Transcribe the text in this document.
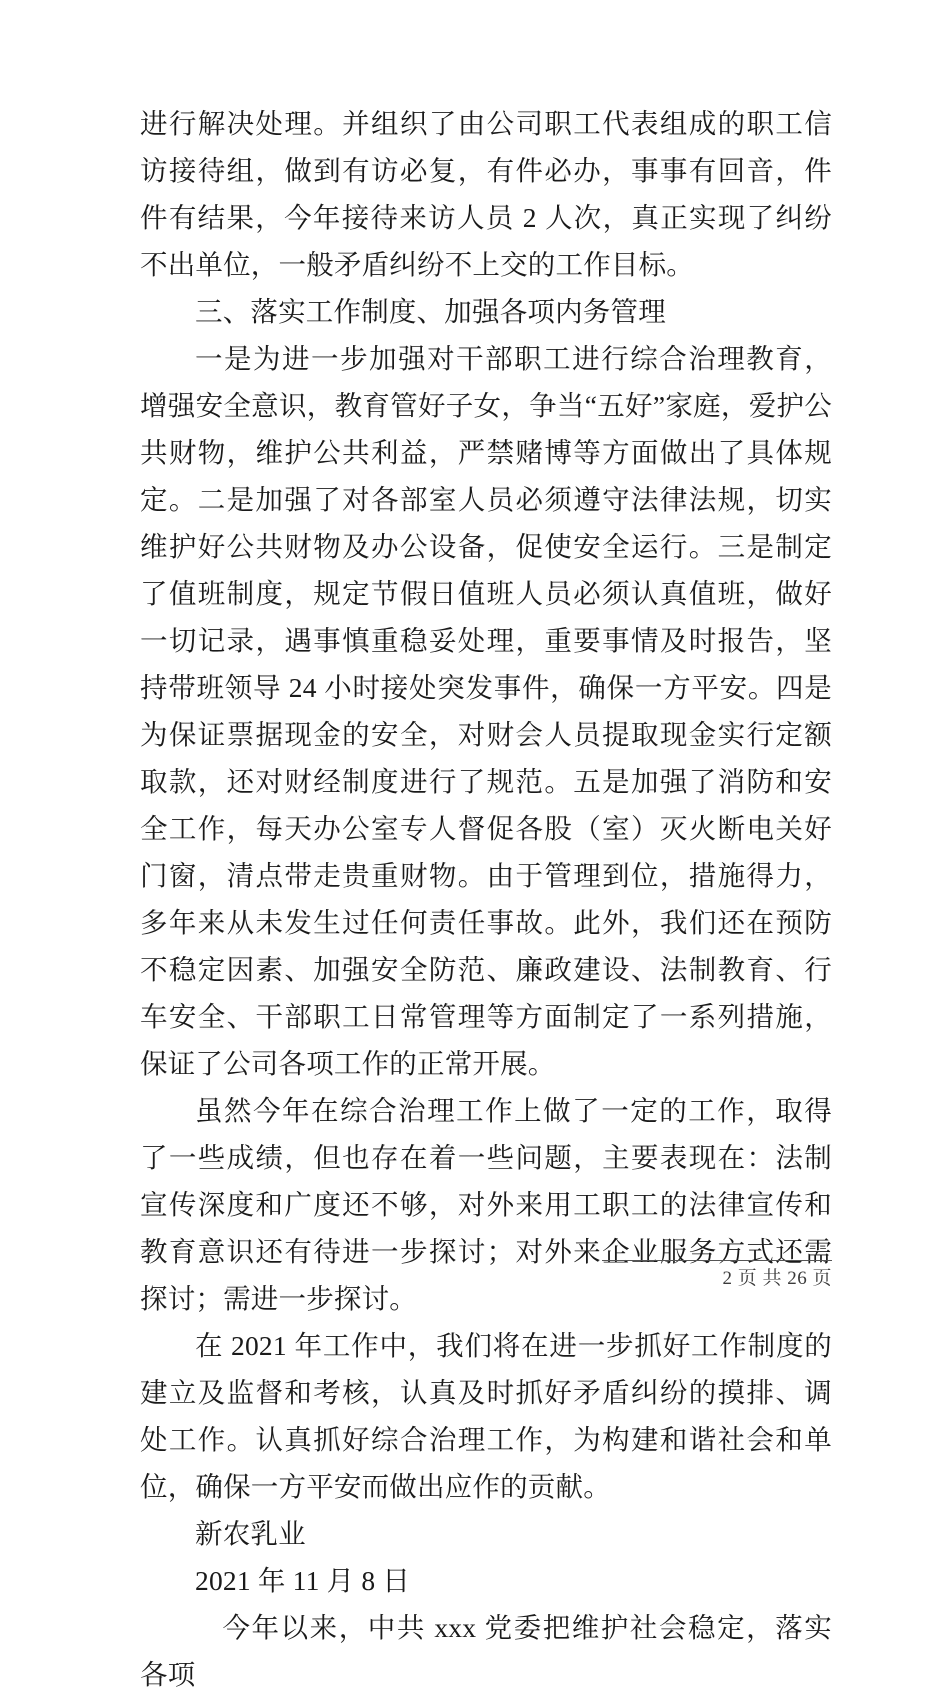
进行解决处理。并组织了由公司职工代表组成的职工信访接待组，做到有访必复，有件必办，事事有回音，件件有结果，今年接待来访人员 2 人次，真正实现了纠纷不出单位，一般矛盾纠纷不上交的工作目标。

三、落实工作制度、加强各项内务管理

一是为进一步加强对干部职工进行综合治理教育，增强安全意识，教育管好子女，争当“五好”家庭，爱护公共财物，维护公共利益，严禁赌博等方面做出了具体规定。二是加强了对各部室人员必须遵守法律法规，切实维护好公共财物及办公设备，促使安全运行。三是制定了值班制度，规定节假日值班人员必须认真值班，做好一切记录，遇事慎重稳妥处理，重要事情及时报告，坚持带班领导 24 小时接处突发事件，确保一方平安。四是为保证票据现金的安全，对财会人员提取现金实行定额取款，还对财经制度进行了规范。五是加强了消防和安全工作，每天办公室专人督促各股（室）灭火断电关好门窗，清点带走贵重财物。由于管理到位，措施得力，多年来从未发生过任何责任事故。此外，我们还在预防不稳定因素、加强安全防范、廉政建设、法制教育、行车安全、干部职工日常管理等方面制定了一系列措施，保证了公司各项工作的正常开展。

虽然今年在综合治理工作上做了一定的工作，取得了一些成绩，但也存在着一些问题，主要表现在：法制宣传深度和广度还不够，对外来用工职工的法律宣传和教育意识还有待进一步探讨；对外来企业服务方式还需探讨；需进一步探讨。

在 2021 年工作中，我们将在进一步抓好工作制度的建立及监督和考核，认真及时抓好矛盾纠纷的摸排、调处工作。认真抓好综合治理工作，为构建和谐社会和单位，确保一方平安而做出应作的贡献。

新农乳业

2021 年 11 月 8 日

今年以来，中共 xxx 党委把维护社会稳定，落实各项

2 页 共 26 页
